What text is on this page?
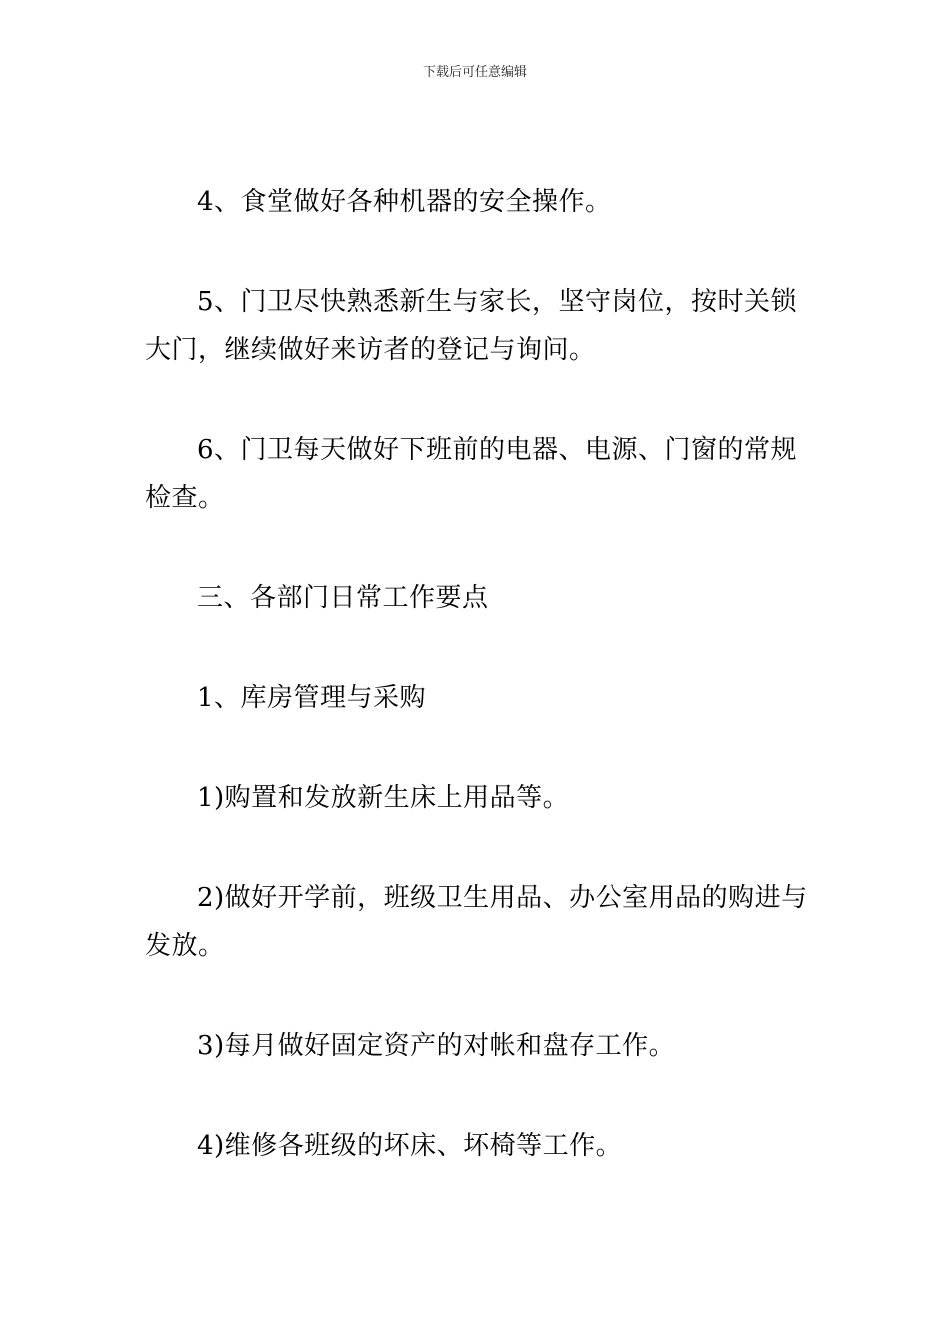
下载后可任意编辑

4、食堂做好各种机器的安全操作。

5、门卫尽快熟悉新生与家长，坚守岗位，按时关锁大门，继续做好来访者的登记与询问。

6、门卫每天做好下班前的电器、电源、门窗的常规检查。

三、各部门日常工作要点

1、库房管理与采购

1)购置和发放新生床上用品等。

2)做好开学前，班级卫生用品、办公室用品的购进与发放。

3)每月做好固定资产的对帐和盘存工作。

4)维修各班级的坏床、坏椅等工作。
